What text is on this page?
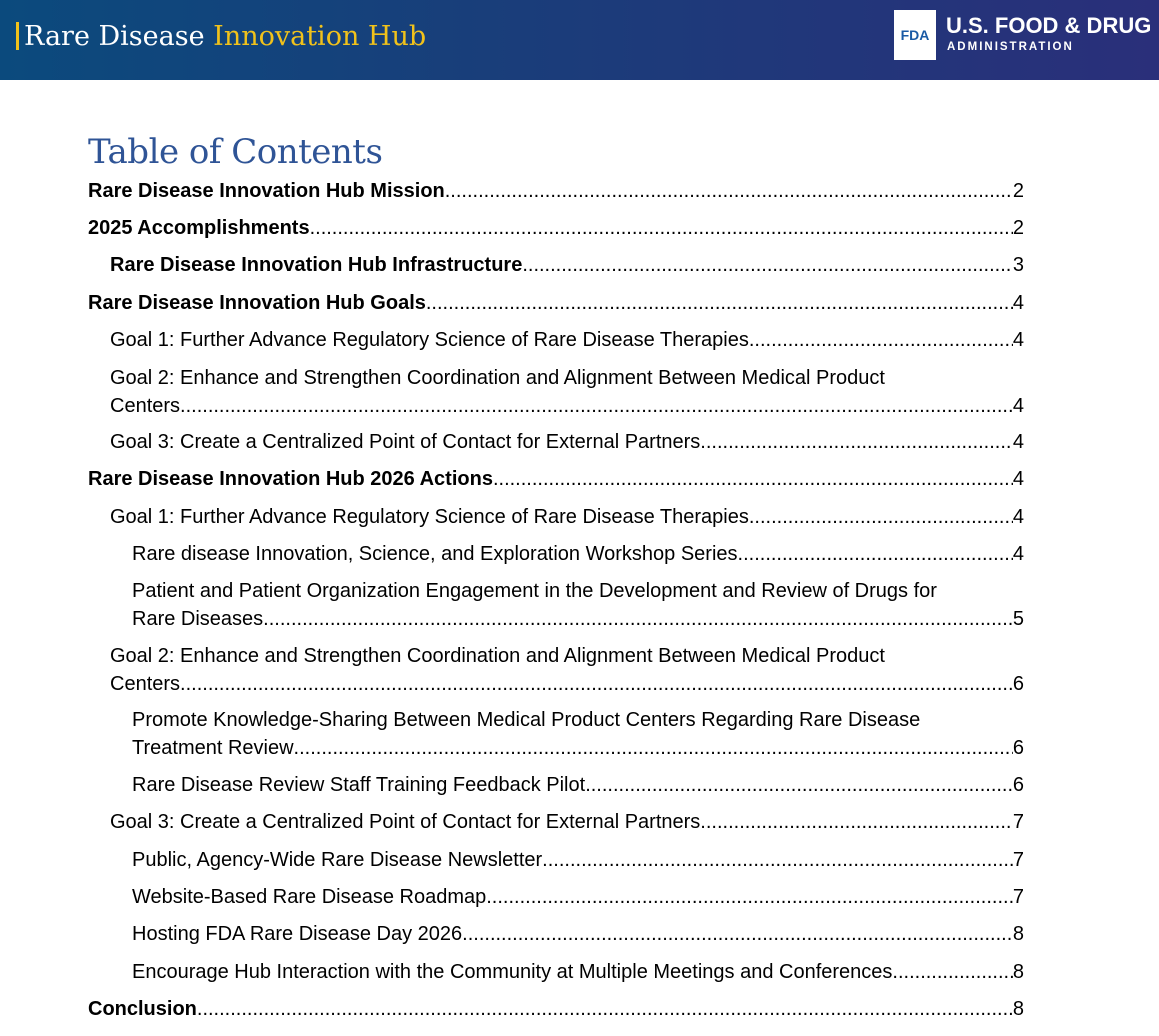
Rare Disease Innovation Hub	FDA U.S. FOOD & DRUG
ADMINISTRATION
Table of Contents
Rare Disease Innovation Hub Mission .....	2
2025 Accomplishments .....	2
Rare Disease Innovation Hub Infrastructure .....	3
Rare Disease Innovation Hub Goals .....	4
Goal 1: Further Advance Regulatory Science of Rare Disease Therapies .....	4
Goal 2: Enhance and Strengthen Coordination and Alignment Between Medical Product
Centers .....	4
Goal 3: Create a Centralized Point of Contact for External Partners .....	4
Rare Disease Innovation Hub 2026 Actions .....	4
Goal 1: Further Advance Regulatory Science of Rare Disease Therapies .....	4
Rare disease Innovation, Science, and Exploration Workshop Series .....	4
Patient and Patient Organization Engagement in the Development and Review of Drugs for
Rare Diseases .....	5
Goal 2: Enhance and Strengthen Coordination and Alignment Between Medical Product
Centers .....	6
Promote Knowledge-Sharing Between Medical Product Centers Regarding Rare Disease
Treatment Review .....	6
Rare Disease Review Staff Training Feedback Pilot .....	6
Goal 3: Create a Centralized Point of Contact for External Partners .....	7
Public, Agency-Wide Rare Disease Newsletter .....	7
Website-Based Rare Disease Roadmap .....	7
Hosting FDA Rare Disease Day 2026 .....	8
Encourage Hub Interaction with the Community at Multiple Meetings and Conferences .....	8
Conclusion .....	8
